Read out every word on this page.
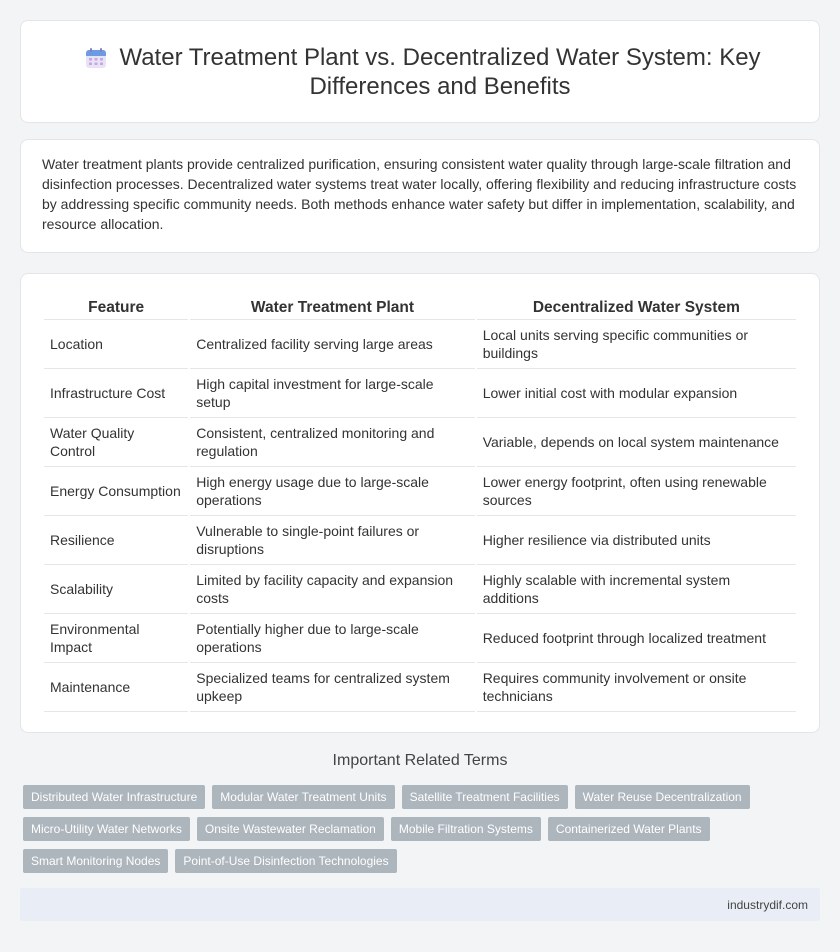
Water Treatment Plant vs. Decentralized Water System: Key Differences and Benefits

Water treatment plants provide centralized purification, ensuring consistent water quality through large-scale filtration and disinfection processes. Decentralized water systems treat water locally, offering flexibility and reducing infrastructure costs by addressing specific community needs. Both methods enhance water safety but differ in implementation, scalability, and resource allocation.

Feature	Water Treatment Plant	Decentralized Water System
Location	Centralized facility serving large areas	Local units serving specific communities or buildings
Infrastructure Cost	High capital investment for large-scale setup	Lower initial cost with modular expansion
Water Quality Control	Consistent, centralized monitoring and regulation	Variable, depends on local system maintenance
Energy Consumption	High energy usage due to large-scale operations	Lower energy footprint, often using renewable sources
Resilience	Vulnerable to single-point failures or disruptions	Higher resilience via distributed units
Scalability	Limited by facility capacity and expansion costs	Highly scalable with incremental system additions
Environmental Impact	Potentially higher due to large-scale operations	Reduced footprint through localized treatment
Maintenance	Specialized teams for centralized system upkeep	Requires community involvement or onsite technicians
Important Related Terms
Distributed Water Infrastructure	Modular Water Treatment Units	Satellite Treatment Facilities	Water Reuse Decentralization
Micro-Utility Water Networks	Onsite Wastewater Reclamation	Mobile Filtration Systems	Containerized Water Plants
Smart Monitoring Nodes	Point-of-Use Disinfection Technologies
industrydif.com
